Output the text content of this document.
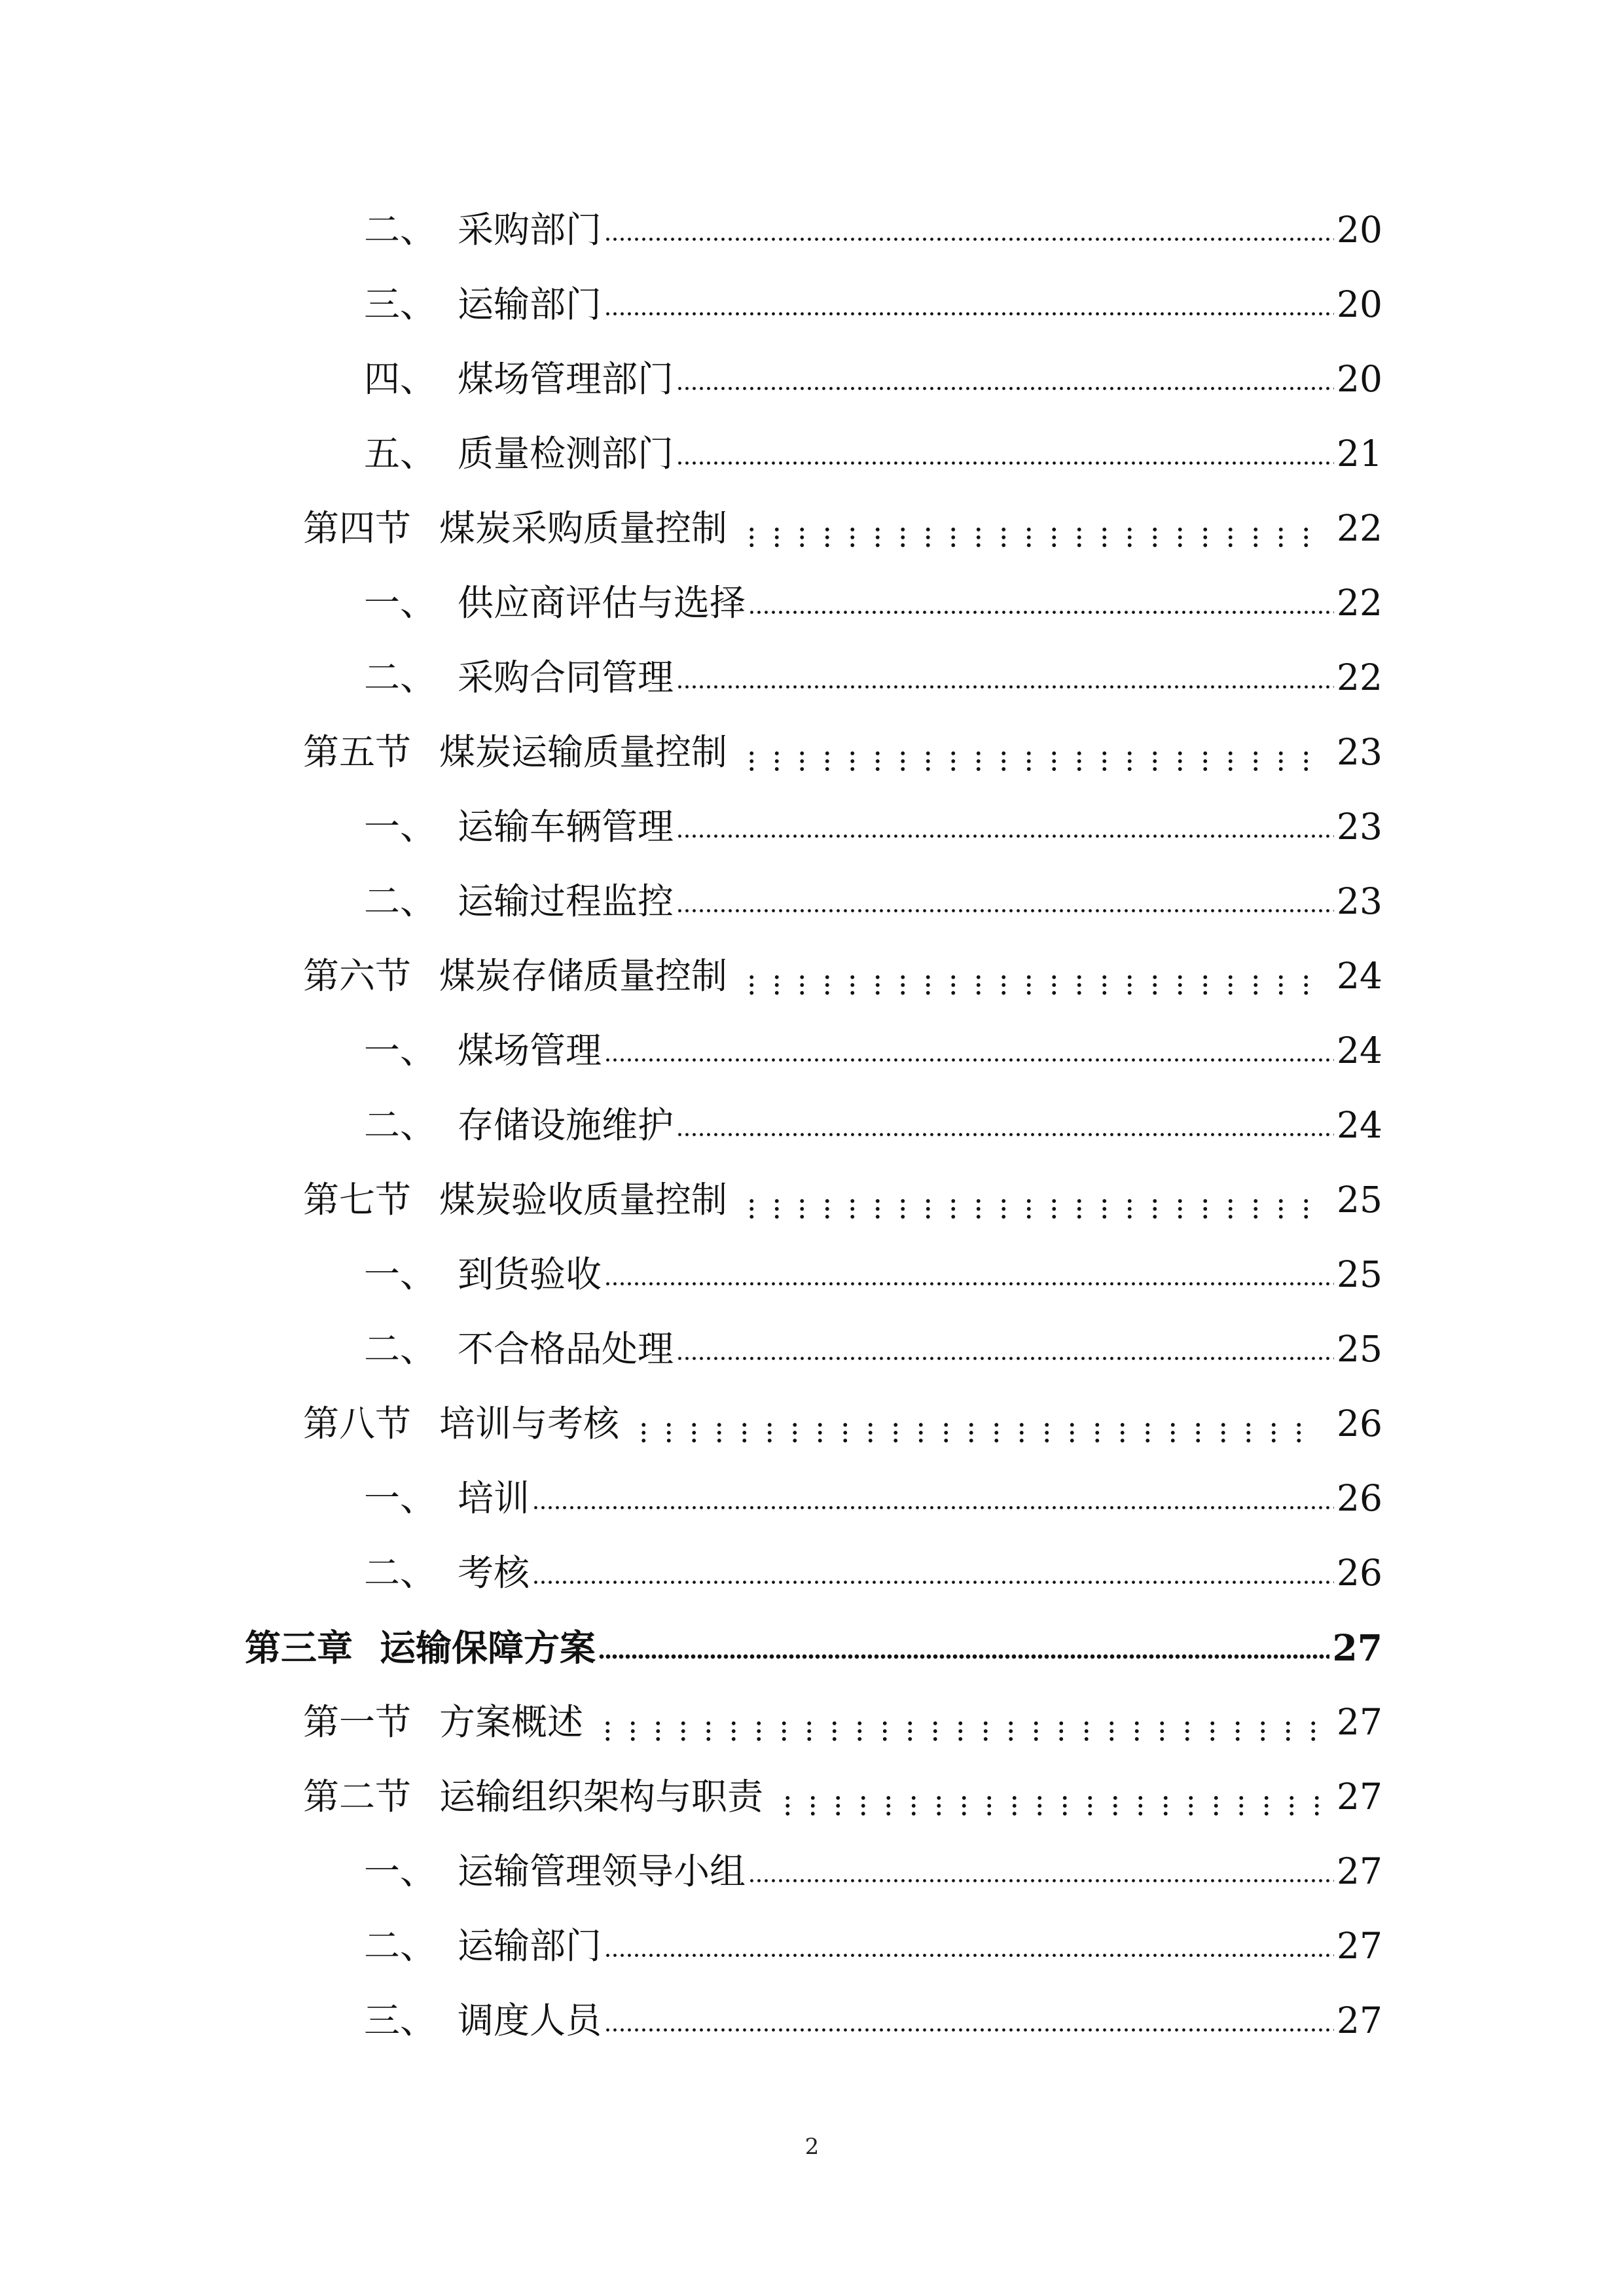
二、 采购部门	20
三、 运输部门	20
四、 煤场管理部门	20
五、 质量检测部门	21
第四节 煤炭采购质量控制	22
一、 供应商评估与选择	22
二、 采购合同管理	22
第五节 煤炭运输质量控制	23
一、 运输车辆管理	23
二、 运输过程监控	23
第六节 煤炭存储质量控制	24
一、 煤场管理	24
二、 存储设施维护	24
第七节 煤炭验收质量控制	25
一、 到货验收	25
二、 不合格品处理	25
第八节 培训与考核	26
一、 培训	26
二、 考核	26
第三章 运输保障方案	27
第一节 方案概述	27
第二节 运输组织架构与职责	27
一、 运输管理领导小组	27
二、 运输部门	27
三、 调度人员	27
2
